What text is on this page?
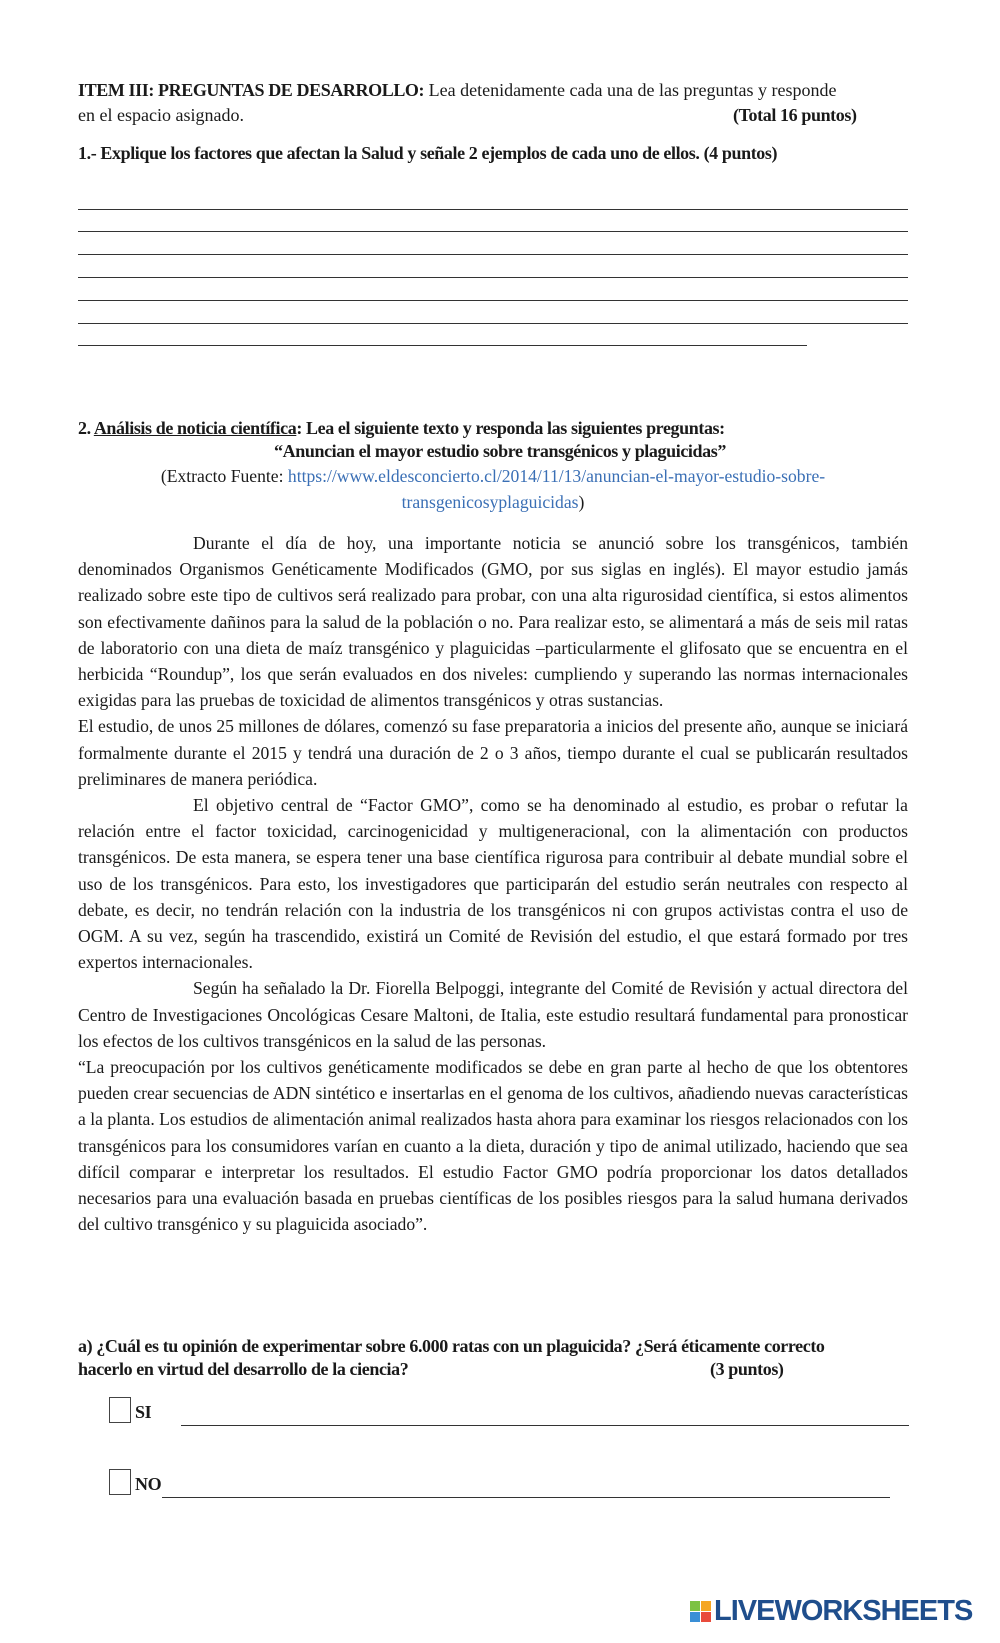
ITEM III: PREGUNTAS DE DESARROLLO: Lea detenidamente cada una de las preguntas y responde
en el espacio asignado.	(Total 16 puntos)
1.- Explique los factores que afectan la Salud y señale 2 ejemplos de cada uno de ellos. (4 puntos)
2. Análisis de noticia científica: Lea el siguiente texto y responda las siguientes preguntas:
“Anuncian el mayor estudio sobre transgénicos y plaguicidas”
(Extracto Fuente: https://www.eldesconcierto.cl/2014/11/13/anuncian-el-mayor-estudio-sobre-
transgenicosyplaguicidas)

Durante el día de hoy, una importante noticia se anunció sobre los transgénicos, también denominados Organismos Genéticamente Modificados (GMO, por sus siglas en inglés). El mayor estudio jamás realizado sobre este tipo de cultivos será realizado para probar, con una alta rigurosidad científica, si estos alimentos son efectivamente dañinos para la salud de la población o no. Para realizar esto, se alimentará a más de seis mil ratas de laboratorio con una dieta de maíz transgénico y plaguicidas –particularmente el glifosato que se encuentra en el herbicida “Roundup”, los que serán evaluados en dos niveles: cumpliendo y superando las normas internacionales exigidas para las pruebas de toxicidad de alimentos transgénicos y otras sustancias.

El estudio, de unos 25 millones de dólares, comenzó su fase preparatoria a inicios del presente año, aunque se iniciará formalmente durante el 2015 y tendrá una duración de 2 o 3 años, tiempo durante el cual se publicarán resultados preliminares de manera periódica.

El objetivo central de “Factor GMO”, como se ha denominado al estudio, es probar o refutar la relación entre el factor toxicidad, carcinogenicidad y multigeneracional, con la alimentación con productos transgénicos. De esta manera, se espera tener una base científica rigurosa para contribuir al debate mundial sobre el uso de los transgénicos. Para esto, los investigadores que participarán del estudio serán neutrales con respecto al debate, es decir, no tendrán relación con la industria de los transgénicos ni con grupos activistas contra el uso de OGM. A su vez, según ha trascendido, existirá un Comité de Revisión del estudio, el que estará formado por tres expertos internacionales.

Según ha señalado la Dr. Fiorella Belpoggi, integrante del Comité de Revisión y actual directora del Centro de Investigaciones Oncológicas Cesare Maltoni, de Italia, este estudio resultará fundamental para pronosticar los efectos de los cultivos transgénicos en la salud de las personas.

“La preocupación por los cultivos genéticamente modificados se debe en gran parte al hecho de que los obtentores pueden crear secuencias de ADN sintético e insertarlas en el genoma de los cultivos, añadiendo nuevas características a la planta. Los estudios de alimentación animal realizados hasta ahora para examinar los riesgos relacionados con los transgénicos para los consumidores varían en cuanto a la dieta, duración y tipo de animal utilizado, haciendo que sea difícil comparar e interpretar los resultados. El estudio Factor GMO podría proporcionar los datos detallados necesarios para una evaluación basada en pruebas científicas de los posibles riesgos para la salud humana derivados del cultivo transgénico y su plaguicida asociado”.

a) ¿Cuál es tu opinión de experimentar sobre 6.000 ratas con un plaguicida? ¿Será éticamente correcto
hacerlo en virtud del desarrollo de la ciencia?	(3 puntos)
SI
NO
LIVEWORKSHEETS
